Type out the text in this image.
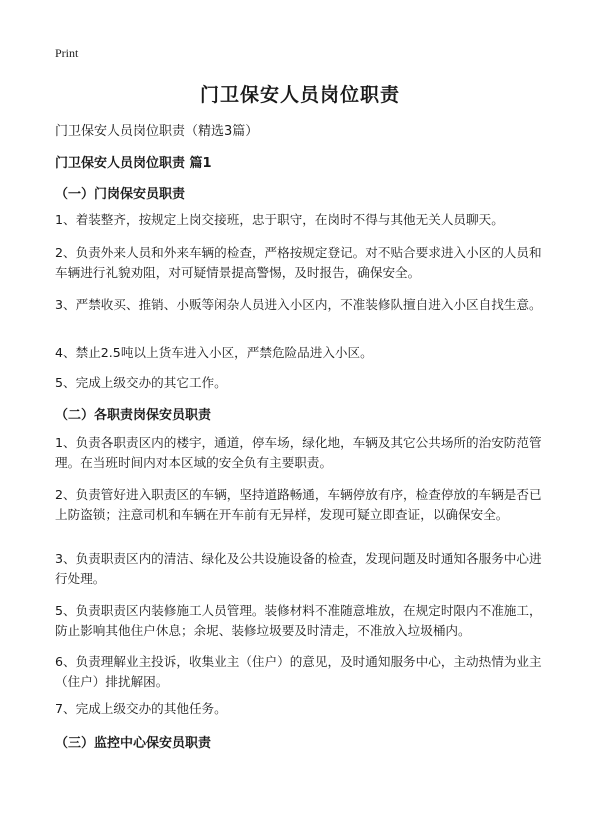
Print
门卫保安人员岗位职责
门卫保安人员岗位职责（精选3篇）
门卫保安人员岗位职责 篇1
（一）门岗保安员职责

1、着装整齐，按规定上岗交接班，忠于职守，在岗时不得与其他无关人员聊天。

2、负责外来人员和外来车辆的检查，严格按规定登记。对不贴合要求进入小区的人员和车辆进行礼貌劝阻，对可疑情景提高警惕，及时报告，确保安全。

3、严禁收买、推销、小贩等闲杂人员进入小区内，不准装修队擅自进入小区自找生意。

4、禁止2.5吨以上货车进入小区，严禁危险品进入小区。

5、完成上级交办的其它工作。

（二）各职责岗保安员职责

1、负责各职责区内的楼宇，通道，停车场，绿化地，车辆及其它公共场所的治安防范管理。在当班时间内对本区域的安全负有主要职责。

2、负责管好进入职责区的车辆，坚持道路畅通，车辆停放有序，检查停放的车辆是否已上防盗锁；注意司机和车辆在开车前有无异样，发现可疑立即查证，以确保安全。

3、负责职责区内的清洁、绿化及公共设施设备的检查，发现问题及时通知各服务中心进行处理。

5、负责职责区内装修施工人员管理。装修材料不准随意堆放，在规定时限内不准施工，防止影响其他住户休息；余坭、装修垃圾要及时清走，不准放入垃圾桶内。

6、负责理解业主投诉，收集业主（住户）的意见，及时通知服务中心，主动热情为业主（住户）排扰解困。

7、完成上级交办的其他任务。

（三）监控中心保安员职责
